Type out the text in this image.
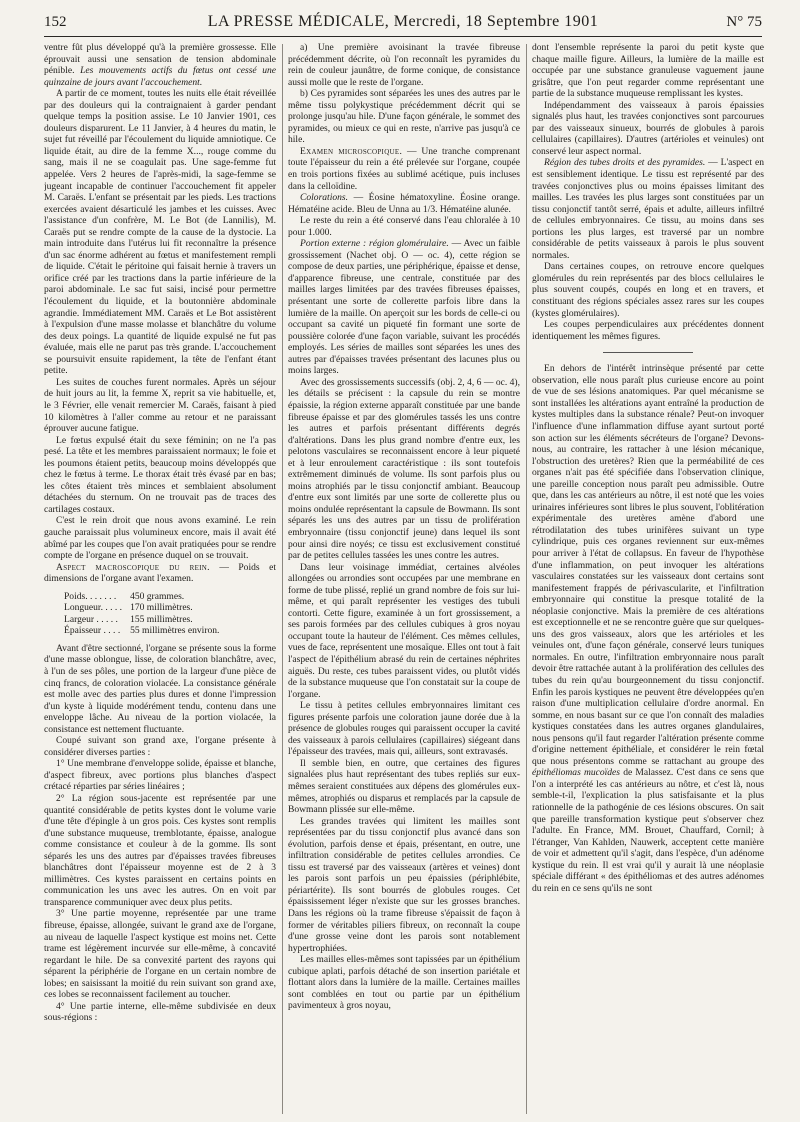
152	LA PRESSE MÉDICALE, Mercredi, 18 Septembre 1901	N° 75

ventre fût plus développé qu'à la première grossesse. Elle éprouvait aussi une sensation de tension abdominale pénible. Les mouvements actifs du fœtus ont cessé une quinzaine de jours avant l'accouchement.

A partir de ce moment, toutes les nuits elle était réveillée par des douleurs qui la contraignaient à garder pendant quelque temps la position assise. Le 10 Janvier 1901, ces douleurs disparurent. Le 11 Janvier, à 4 heures du matin, le sujet fut réveillé par l'écoulement du liquide amniotique. Ce liquide était, au dire de la femme X..., rouge comme du sang, mais il ne se coagulait pas. Une sage-femme fut appelée. Vers 2 heures de l'après-midi, la sage-femme se jugeant incapable de continuer l'accouchement fit appeler M. Caraës. L'enfant se présentait par les pieds. Les tractions exercées avaient désarticulé les jambes et les cuisses. Avec l'assistance d'un confrère, M. Le Bot (de Lannilis), M. Caraës put se rendre compte de la cause de la dystocie. La main introduite dans l'utérus lui fit reconnaître la présence d'un sac énorme adhérent au fœtus et manifestement rempli de liquide. C'était le péritoine qui faisait hernie à travers un orifice créé par les tractions dans la partie inférieure de la paroi abdominale. Le sac fut saisi, incisé pour permettre l'écoulement du liquide, et la boutonnière abdominale agrandie. Immédiatement MM. Caraës et Le Bot assistèrent à l'expulsion d'une masse molasse et blanchâtre du volume des deux poings. La quantité de liquide expulsé ne fut pas évaluée, mais elle ne parut pas très grande. L'accouchement se poursuivit ensuite rapidement, la tête de l'enfant étant petite.

Les suites de couches furent normales. Après un séjour de huit jours au lit, la femme X, reprit sa vie habituelle, et, le 3 Février, elle venait remercier M. Caraës, faisant à pied 10 kilomètres à l'aller comme au retour et ne paraissant éprouver aucune fatigue.

Le fœtus expulsé était du sexe féminin; on ne l'a pas pesé. La tête et les membres paraissaient normaux; le foie et les poumons étaient petits, beaucoup moins développés que chez le fœtus à terme. Le thorax était très évasé par en bas; les côtes étaient très minces et semblaient absolument détachées du sternum. On ne trouvait pas de traces des cartilages costaux.

C'est le rein droit que nous avons examiné. Le rein gauche paraissait plus volumineux encore, mais il avait été abîmé par les coupes que l'on avait pratiquées pour se rendre compte de l'organe en présence duquel on se trouvait.

Aspect macroscopique du rein. — Poids et dimensions de l'organe avant l'examen.

Poids. . . . . . .	450 grammes.
Longueur. . . . .	170 millimètres.
Largeur . . . . .	155 millimètres.
Épaisseur . . . .	55 millimètres environ.

Avant d'être sectionné, l'organe se présente sous la forme d'une masse oblongue, lisse, de coloration blanchâtre, avec, à l'un de ses pôles, une portion de la largeur d'une pièce de cinq francs, de coloration violacée. La consistance générale est molle avec des parties plus dures et donne l'impression d'un kyste à liquide modérément tendu, contenu dans une enveloppe lâche. Au niveau de la portion violacée, la consistance est nettement fluctuante.

Coupé suivant son grand axe, l'organe présente à considérer diverses parties :

1° Une membrane d'enveloppe solide, épaisse et blanche, d'aspect fibreux, avec portions plus blanches d'aspect crétacé réparties par séries linéaires ;

2° La région sous-jacente est représentée par une quantité considérable de petits kystes dont le volume varie d'une tête d'épingle à un gros pois. Ces kystes sont remplis d'une substance muqueuse, tremblotante, épaisse, analogue comme consistance et couleur à de la gomme. Ils sont séparés les uns des autres par d'épaisses travées fibreuses blanchâtres dont l'épaisseur moyenne est de 2 à 3 millimètres. Ces kystes paraissent en certains points en communication les uns avec les autres. On en voit par transparence communiquer avec deux plus petits.

3° Une partie moyenne, représentée par une trame fibreuse, épaisse, allongée, suivant le grand axe de l'organe, au niveau de laquelle l'aspect kystique est moins net. Cette trame est légèrement incurvée sur elle-même, à concavité regardant le hile. De sa convexité partent des rayons qui séparent la périphérie de l'organe en un certain nombre de lobes; en saisissant la moitié du rein suivant son grand axe, ces lobes se reconnaissent facilement au toucher.

4° Une partie interne, elle-même subdivisée en deux sous-régions :

a) Une première avoisinant la travée fibreuse précédemment décrite, où l'on reconnaît les pyramides du rein de couleur jaunâtre, de forme conique, de consistance aussi molle que le reste de l'organe.

b) Ces pyramides sont séparées les unes des autres par le même tissu polykystique précédemment décrit qui se prolonge jusqu'au hile. D'une façon générale, le sommet des pyramides, ou mieux ce qui en reste, n'arrive pas jusqu'à ce hile.

Examen microscopique. — Une tranche comprenant toute l'épaisseur du rein a été prélevée sur l'organe, coupée en trois portions fixées au sublimé acétique, puis incluses dans la celloïdine.

Colorations. — Éosine hématoxyline. Éosine orange. Hématéine acide. Bleu de Unna au 1/3. Hématéine alunée.

Le reste du rein a été conservé dans l'eau chloralée à 10 pour 1.000.

Portion externe : région glomérulaire. — Avec un faible grossissement (Nachet obj. O — oc. 4), cette région se compose de deux parties, une périphérique, épaisse et dense, d'apparence fibreuse, une centrale, constituée par des mailles larges limitées par des travées fibreuses épaisses, présentant une sorte de collerette parfois libre dans la lumière de la maille. On aperçoit sur les bords de celle-ci ou occupant sa cavité un piqueté fin formant une sorte de poussière colorée d'une façon variable, suivant les procédés employés. Les séries de mailles sont séparées les unes des autres par d'épaisses travées présentant des lacunes plus ou moins larges.

Avec des grossissements successifs (obj. 2, 4, 6 — oc. 4), les détails se précisent : la capsule du rein se montre épaissie, la région externe apparaît constituée par une bande fibreuse épaisse et par des glomérules tassés les uns contre les autres et parfois présentant différents degrés d'altérations. Dans les plus grand nombre d'entre eux, les pelotons vasculaires se reconnaissent encore à leur piqueté et à leur enroulement caractéristique : ils sont toutefois extrêmement diminués de volume. Ils sont parfois plus ou moins atrophiés par le tissu conjonctif ambiant. Beaucoup d'entre eux sont limités par une sorte de collerette plus ou moins ondulée représentant la capsule de Bowmann. Ils sont séparés les uns des autres par un tissu de prolifération embryonnaire (tissu conjonctif jeune) dans lequel ils sont pour ainsi dire noyés; ce tissu est exclusivement constitué par de petites cellules tassées les unes contre les autres.

Dans leur voisinage immédiat, certaines alvéoles allongées ou arrondies sont occupées par une membrane en forme de tube plissé, replié un grand nombre de fois sur lui-même, et qui paraît représenter les vestiges des tubuli contorti. Cette figure, examinée à un fort grossissement, a ses parois formées par des cellules cubiques à gros noyau occupant toute la hauteur de l'élément. Ces mêmes cellules, vues de face, représentent une mosaïque. Elles ont tout à fait l'aspect de l'épithélium abrasé du rein de certaines néphrites aiguës. Du reste, ces tubes paraissent vides, ou plutôt vidés de la substance muqueuse que l'on constatait sur la coupe de l'organe.

Le tissu à petites cellules embryonnaires limitant ces figures présente parfois une coloration jaune dorée due à la présence de globules rouges qui paraissent occuper la cavité des vaisseaux à parois cellulaires (capillaires) siégeant dans l'épaisseur des travées, mais qui, ailleurs, sont extravasés.

Il semble bien, en outre, que certaines des figures signalées plus haut représentant des tubes repliés sur eux-mêmes seraient constituées aux dépens des glomérules eux-mêmes, atrophiés ou disparus et remplacés par la capsule de Bowmann plissée sur elle-même.

Les grandes travées qui limitent les mailles sont représentées par du tissu conjonctif plus avancé dans son évolution, parfois dense et épais, présentant, en outre, une infiltration considérable de petites cellules arrondies. Ce tissu est traversé par des vaisseaux (artères et veines) dont les parois sont parfois un peu épaissies (périphlébite, périartérite). Ils sont bourrés de globules rouges. Cet épaississement léger n'existe que sur les grosses branches. Dans les régions où la trame fibreuse s'épaissit de façon à former de véritables piliers fibreux, on reconnaît la coupe d'une grosse veine dont les parois sont notablement hypertrophiées.

Les mailles elles-mêmes sont tapissées par un épithélium cubique aplati, parfois détaché de son insertion pariétale et flottant alors dans la lumière de la maille. Certaines mailles sont comblées en tout ou partie par un épithélium pavimenteux à gros noyau,

dont l'ensemble représente la paroi du petit kyste que chaque maille figure. Ailleurs, la lumière de la maille est occupée par une substance granuleuse vaguement jaune grisâtre, que l'on peut regarder comme représentant une partie de la substance muqueuse remplissant les kystes.

Indépendamment des vaisseaux à parois épaissies signalés plus haut, les travées conjonctives sont parcourues par des vaisseaux sinueux, bourrés de globules à parois cellulaires (capillaires). D'autres (artérioles et veinules) ont conservé leur aspect normal.

Région des tubes droits et des pyramides. — L'aspect en est sensiblement identique. Le tissu est représenté par des travées conjonctives plus ou moins épaisses limitant des mailles. Les travées les plus larges sont constituées par un tissu conjonctif tantôt serré, épais et adulte, ailleurs infiltré de cellules embryonnaires. Ce tissu, au moins dans ses portions les plus larges, est traversé par un nombre considérable de petits vaisseaux à parois le plus souvent normales.

Dans certaines coupes, on retrouve encore quelques glomérules du rein représentés par des blocs cellulaires le plus souvent coupés, coupés en long et en travers, et constituant des régions spéciales assez rares sur les coupes (kystes glomérulaires).

Les coupes perpendiculaires aux précédentes donnent identiquement les mêmes figures.

En dehors de l'intérêt intrinsèque présenté par cette observation, elle nous paraît plus curieuse encore au point de vue de ses lésions anatomiques. Par quel mécanisme se sont installées les altérations ayant entraîné la production de kystes multiples dans la substance rénale? Peut-on invoquer l'influence d'une inflammation diffuse ayant surtout porté son action sur les éléments sécréteurs de l'organe? Devons-nous, au contraire, les rattacher à une lésion mécanique, l'obstruction des uretères? Rien que la perméabilité de ces organes n'ait pas été spécifiée dans l'observation clinique, une pareille conception nous paraît peu admissible. Outre que, dans les cas antérieurs au nôtre, il est noté que les voies urinaires inférieures sont libres le plus souvent, l'oblitération expérimentale des uretères amène d'abord une rétrodilatation des tubes urinifères suivant un type cylindrique, puis ces organes reviennent sur eux-mêmes pour arriver à l'état de collapsus. En faveur de l'hypothèse d'une inflammation, on peut invoquer les altérations vasculaires constatées sur les vaisseaux dont certains sont manifestement frappés de périvascularite, et l'infiltration embryonnaire qui constitue la presque totalité de la néoplasie conjonctive. Mais la première de ces altérations est exceptionnelle et ne se rencontre guère que sur quelques-uns des gros vaisseaux, alors que les artérioles et les veinules ont, d'une façon générale, conservé leurs tuniques normales. En outre, l'infiltration embryonnaire nous paraît devoir être rattachée autant à la prolifération des cellules des tubes du rein qu'au bourgeonnement du tissu conjonctif. Enfin les parois kystiques ne peuvent être développées qu'en raison d'une multiplication cellulaire d'ordre anormal. En somme, en nous basant sur ce que l'on connaît des maladies kystiques constatées dans les autres organes glandulaires, nous pensons qu'il faut regarder l'altération présente comme d'origine nettement épithéliale, et considérer le rein fœtal que nous présentons comme se rattachant au groupe des épithéliomas mucoïdes de Malassez. C'est dans ce sens que l'on a interprété les cas antérieurs au nôtre, et c'est là, nous semble-t-il, l'explication la plus satisfaisante et la plus rationnelle de la pathogénie de ces lésions obscures. On sait que pareille transformation kystique peut s'observer chez l'adulte. En France, MM. Brouet, Chauffard, Cornil; à l'étranger, Van Kahlden, Nauwerk, acceptent cette manière de voir et admettent qu'il s'agit, dans l'espèce, d'un adénome kystique du rein. Il est vrai qu'il y aurait là une néoplasie spéciale différant « des épithéliomas et des autres adénomes du rein en ce sens qu'ils ne sont
